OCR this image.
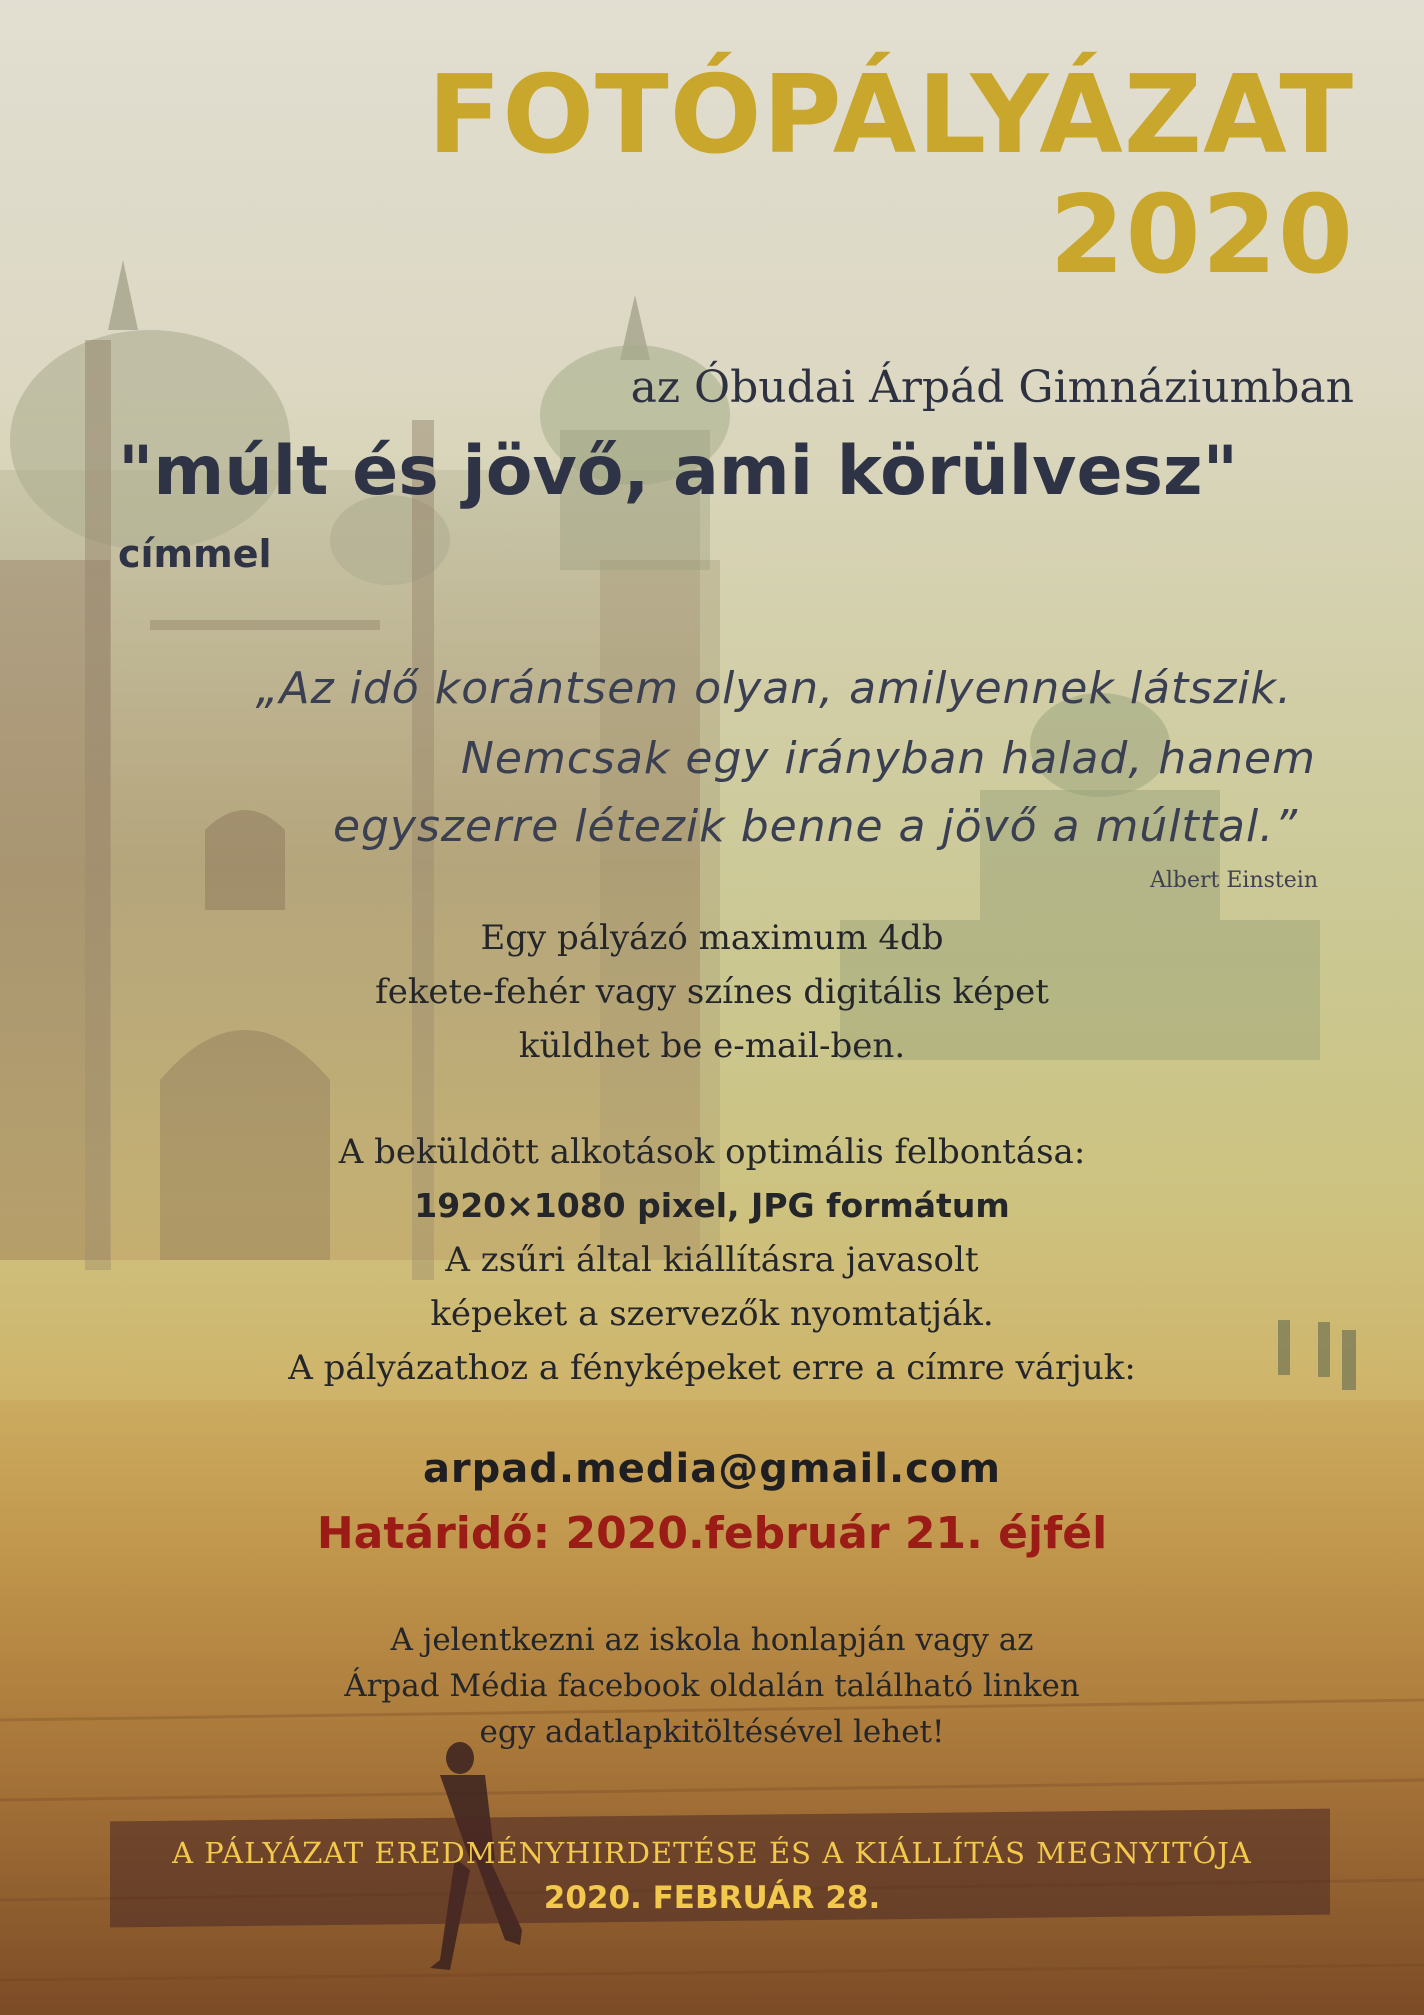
FOTÓPÁLYÁZAT
2020
az Óbudai Árpád Gimnáziumban
"múlt és jövő, ami körülvesz"
címmel
„Az idő korántsem olyan, amilyennek látszik.
Nemcsak egy irányban halad, hanem
egyszerre létezik benne a jövő a múlttal.”
Albert Einstein
Egy pályázó maximum 4db
fekete-fehér vagy színes digitális képet
küldhet be e-mail-ben.
A beküldött alkotások optimális felbontása:
1920×1080 pixel, JPG formátum
A zsűri által kiállításra javasolt
képeket a szervezők nyomtatják.
A pályázathoz a fényképeket erre a címre várjuk:
arpad.media@gmail.com
Határidő: 2020.február 21. éjfél
A jelentkezni az iskola honlapján vagy az
Árpad Média facebook oldalán található linken
egy adatlapkitöltésével lehet!
A PÁLYÁZAT EREDMÉNYHIRDETÉSE ÉS A KIÁLLÍTÁS MEGNYITÓJA
2020. FEBRUÁR 28.
